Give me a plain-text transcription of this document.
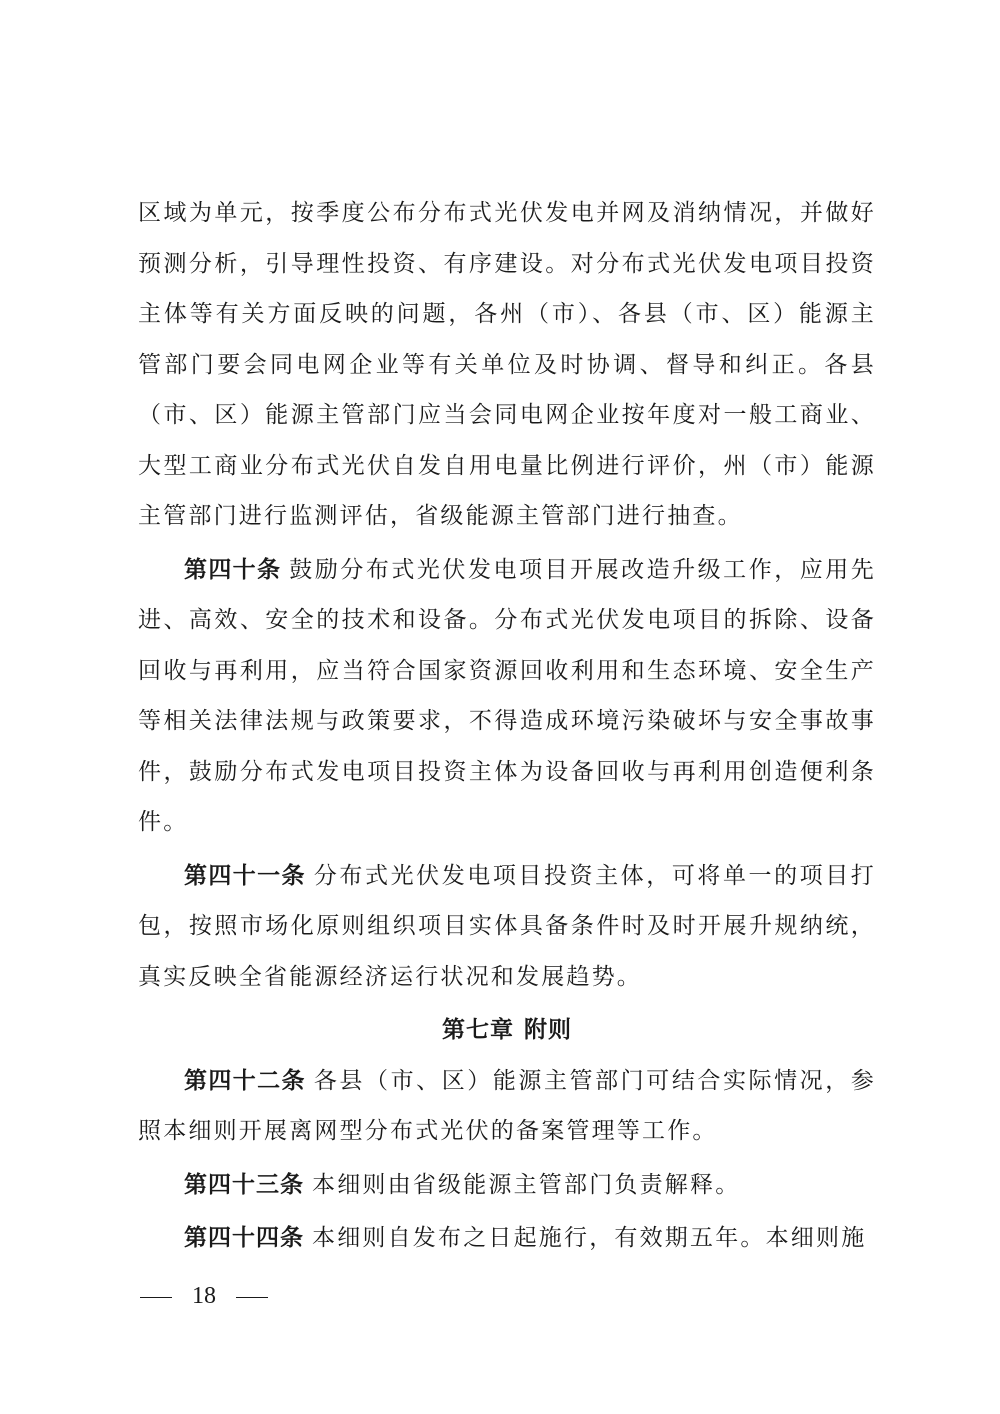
区域为单元，按季度公布分布式光伏发电并网及消纳情况，并做好预测分析，引导理性投资、有序建设。对分布式光伏发电项目投资主体等有关方面反映的问题，各州（市）、各县（市、区）能源主管部门要会同电网企业等有关单位及时协调、督导和纠正。各县（市、区）能源主管部门应当会同电网企业按年度对一般工商业、大型工商业分布式光伏自发自用电量比例进行评价，州（市）能源主管部门进行监测评估，省级能源主管部门进行抽查。

第四十条 鼓励分布式光伏发电项目开展改造升级工作，应用先进、高效、安全的技术和设备。分布式光伏发电项目的拆除、设备回收与再利用，应当符合国家资源回收利用和生态环境、安全生产等相关法律法规与政策要求，不得造成环境污染破坏与安全事故事件，鼓励分布式发电项目投资主体为设备回收与再利用创造便利条件。

第四十一条 分布式光伏发电项目投资主体，可将单一的项目打包，按照市场化原则组织项目实体具备条件时及时开展升规纳统，真实反映全省能源经济运行状况和发展趋势。

第七章 附则

第四十二条 各县（市、区）能源主管部门可结合实际情况，参照本细则开展离网型分布式光伏的备案管理等工作。

第四十三条 本细则由省级能源主管部门负责解释。

第四十四条 本细则自发布之日起施行，有效期五年。本细则施

18
